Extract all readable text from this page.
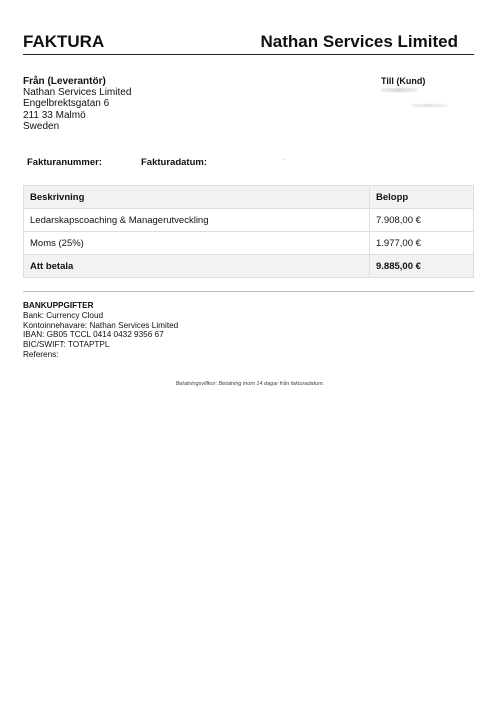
FAKTURA	Nathan Services Limited
Från (Leverantör)
Nathan Services Limited
Engelbrektsgatan 6
211 33 Malmö
Sweden
Till (Kund)
Fakturanummer:	Fakturadatum:	..
Beskrivning	Belopp
Ledarskapscoaching & Managerutveckling	7.908,00 €
Moms (25%)	1.977,00 €
Att betala	9.885,00 €
BANKUPPGIFTER
Bank: Currency Cloud
Kontoinnehavare: Nathan Services Limited
IBAN: GB05 TCCL 0414 0432 9356 67
BIC/SWIFT: TOTAPTPL
Referens:
Betalningsvillkor: Betalning inom 14 dagar från fakturadatum.
